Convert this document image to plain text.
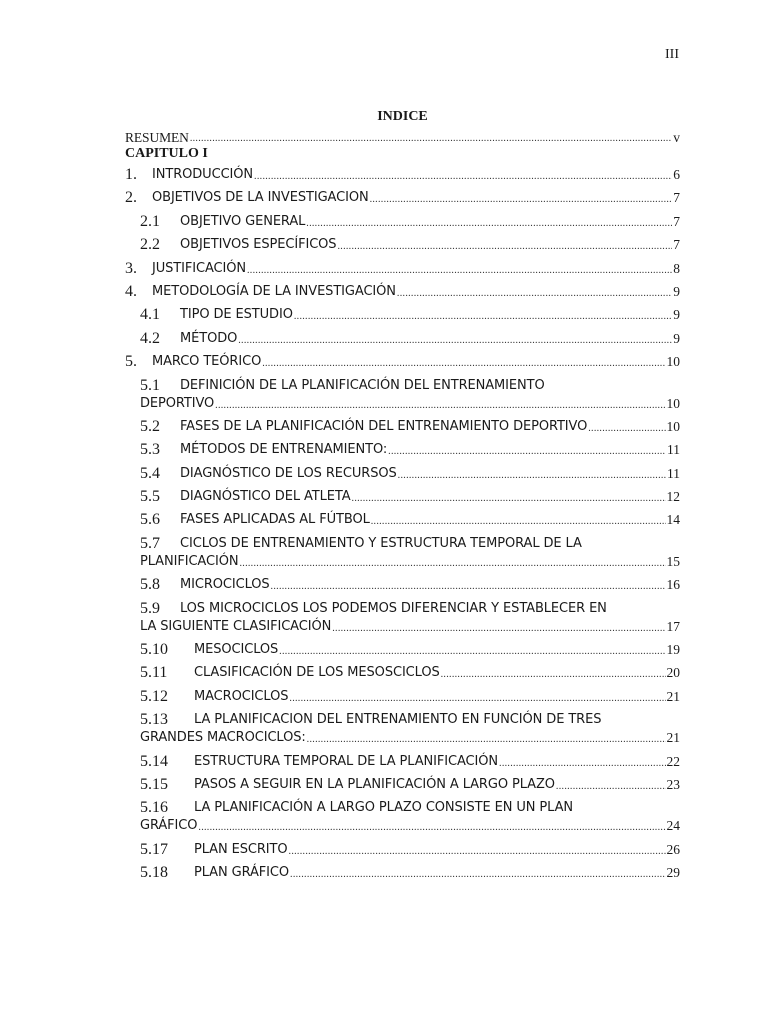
III
INDICE
RESUMEN .....	v
CAPITULO I
1.	INTRODUCCIÓN .....	6
2.	OBJETIVOS DE LA INVESTIGACION .....	7
2.1	OBJETIVO GENERAL .....	7
2.2	OBJETIVOS ESPECÍFICOS .....	7
3.	JUSTIFICACIÓN .....	8
4.	METODOLOGÍA DE LA INVESTIGACIÓN .....	9
4.1	TIPO DE ESTUDIO .....	9
4.2	MÉTODO .....	9
5.	MARCO TEÓRICO .....	10
5.1	DEFINICIÓN DE LA PLANIFICACIÓN DEL ENTRENAMIENTO
DEPORTIVO .....	10
5.2	FASES DE LA PLANIFICACIÓN DEL ENTRENAMIENTO DEPORTIVO .....	10
5.3	MÉTODOS DE ENTRENAMIENTO: .....	11
5.4	DIAGNÓSTICO DE LOS RECURSOS .....	11
5.5	DIAGNÓSTICO DEL ATLETA .....	12
5.6	FASES APLICADAS AL FÚTBOL .....	14
5.7	CICLOS DE ENTRENAMIENTO Y ESTRUCTURA TEMPORAL DE LA
PLANIFICACIÓN .....	15
5.8	MICROCICLOS .....	16
5.9	LOS MICROCICLOS LOS PODEMOS DIFERENCIAR Y ESTABLECER EN
LA SIGUIENTE CLASIFICACIÓN .....	17
5.10	MESOCICLOS .....	19
5.11	CLASIFICACIÓN DE LOS MESOSCICLOS .....	20
5.12	MACROCICLOS .....	21
5.13	LA PLANIFICACION DEL ENTRENAMIENTO EN FUNCIÓN DE TRES
GRANDES MACROCICLOS: .....	21
5.14	ESTRUCTURA TEMPORAL DE LA PLANIFICACIÓN .....	22
5.15	PASOS A SEGUIR EN LA PLANIFICACIÓN A LARGO PLAZO .....	23
5.16	LA PLANIFICACIÓN A LARGO PLAZO CONSISTE EN UN PLAN
GRÁFICO .....	24
5.17	PLAN ESCRITO .....	26
5.18	PLAN GRÁFICO .....	29
